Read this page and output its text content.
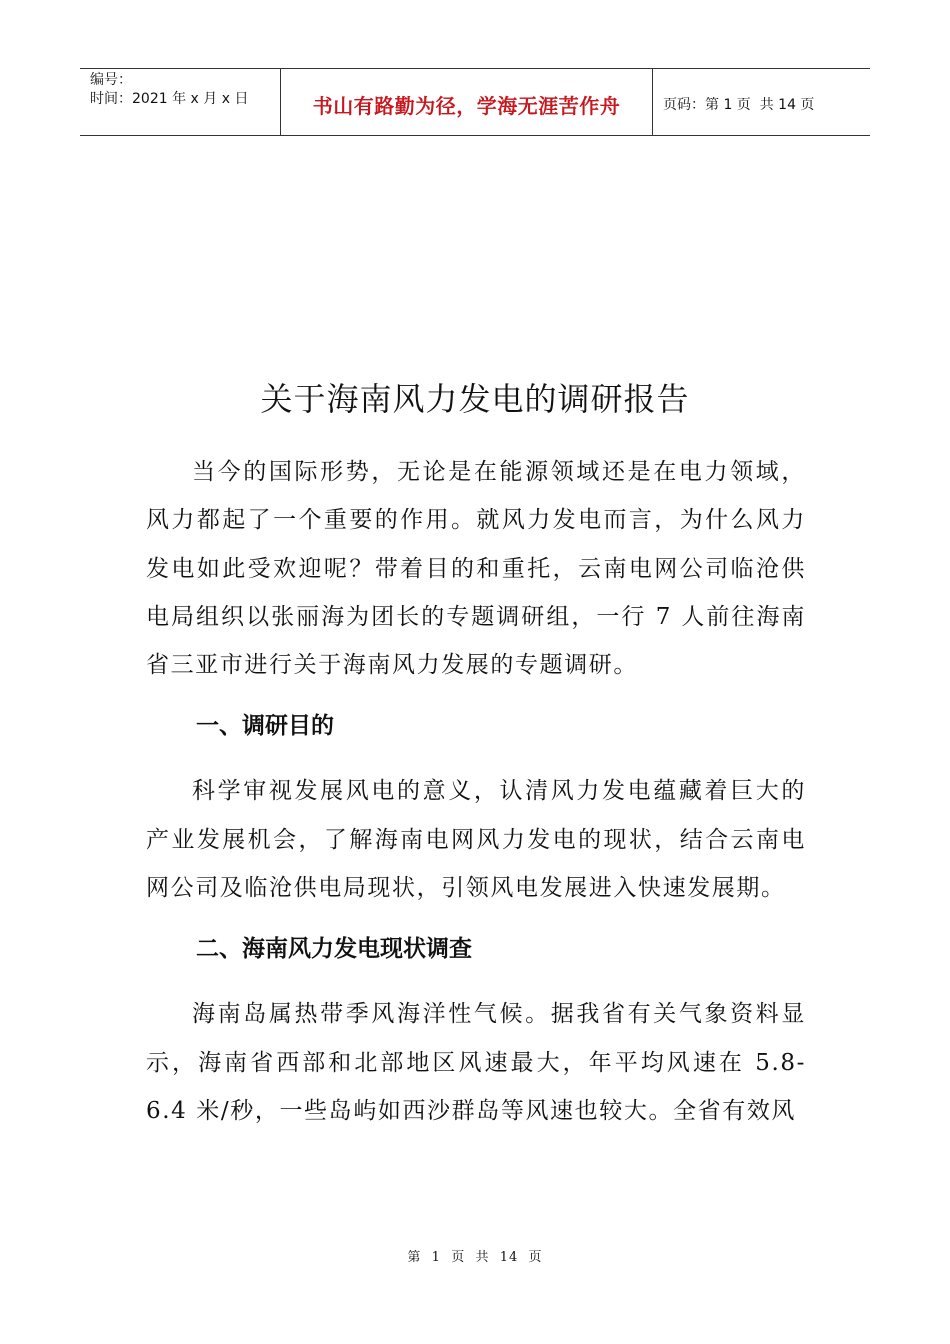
编号：
时间：2021 年 x 月 x 日	书山有路勤为径，学海无涯苦作舟	页码：第 1 页  共 14 页
关于海南风力发电的调研报告

当今的国际形势，无论是在能源领域还是在电力领域，风力都起了一个重要的作用。就风力发电而言，为什么风力发电如此受欢迎呢？带着目的和重托，云南电网公司临沧供电局组织以张丽海为团长的专题调研组，一行 7 人前往海南省三亚市进行关于海南风力发展的专题调研。

一、调研目的

科学审视发展风电的意义，认清风力发电蕴藏着巨大的产业发展机会，了解海南电网风力发电的现状，结合云南电网公司及临沧供电局现状，引领风电发展进入快速发展期。

二、海南风力发电现状调查

海南岛属热带季风海洋性气候。据我省有关气象资料显示，海南省西部和北部地区风速最大，年平均风速在 5.8-6.4 米/秒，一些岛屿如西沙群岛等风速也较大。全省有效风

第  1  页  共  14  页
